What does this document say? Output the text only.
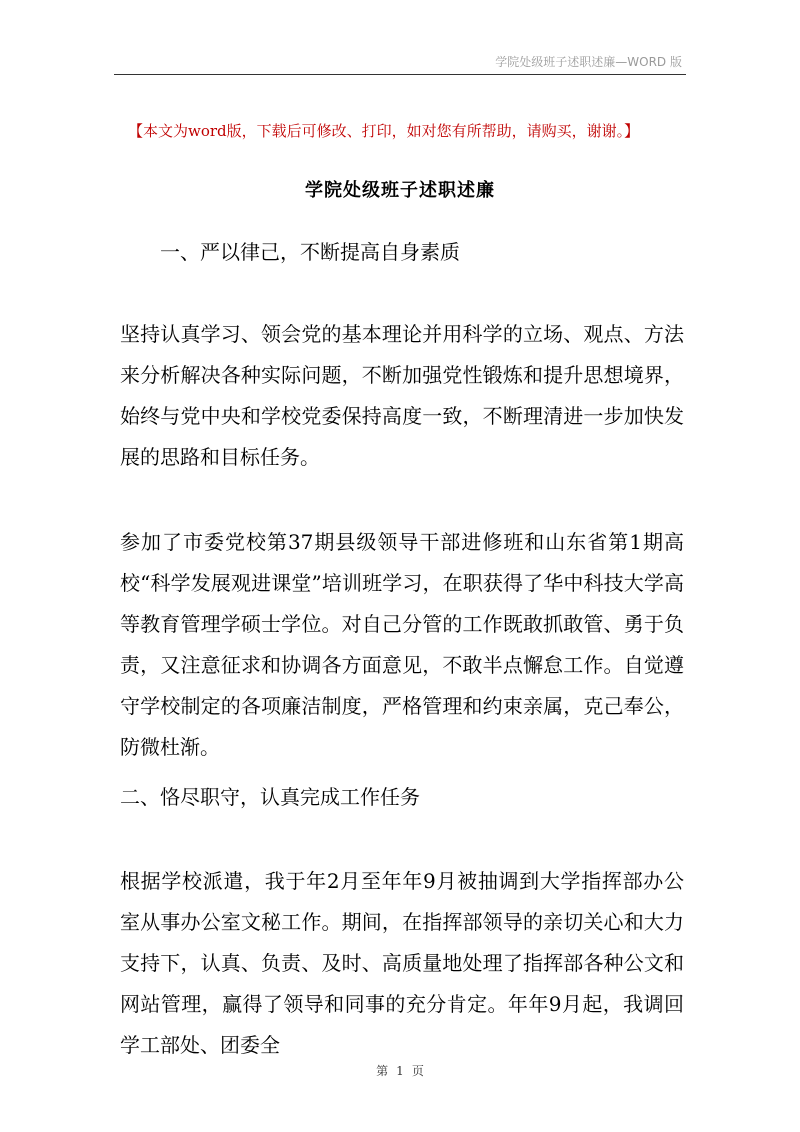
学院处级班子述职述廉—WORD 版
【本文为word版，下载后可修改、打印，如对您有所帮助，请购买，谢谢。】
学院处级班子述职述廉
一、严以律己，不断提高自身素质
坚持认真学习、领会党的基本理论并用科学的立场、观点、方法来分析解决各种实际问题，不断加强党性锻炼和提升思想境界，始终与党中央和学校党委保持高度一致，不断理清进一步加快发展的思路和目标任务。
参加了市委党校第37期县级领导干部进修班和山东省第1期高校“科学发展观进课堂”培训班学习，在职获得了华中科技大学高等教育管理学硕士学位。对自己分管的工作既敢抓敢管、勇于负责，又注意征求和协调各方面意见，不敢半点懈怠工作。自觉遵守学校制定的各项廉洁制度，严格管理和约束亲属，克己奉公，防微杜渐。
二、恪尽职守，认真完成工作任务
根据学校派遣，我于年2月至年年9月被抽调到大学指挥部办公室从事办公室文秘工作。期间，在指挥部领导的亲切关心和大力支持下，认真、负责、及时、高质量地处理了指挥部各种公文和网站管理，赢得了领导和同事的充分肯定。年年9月起，我调回学工部处、团委全
第 1 页
